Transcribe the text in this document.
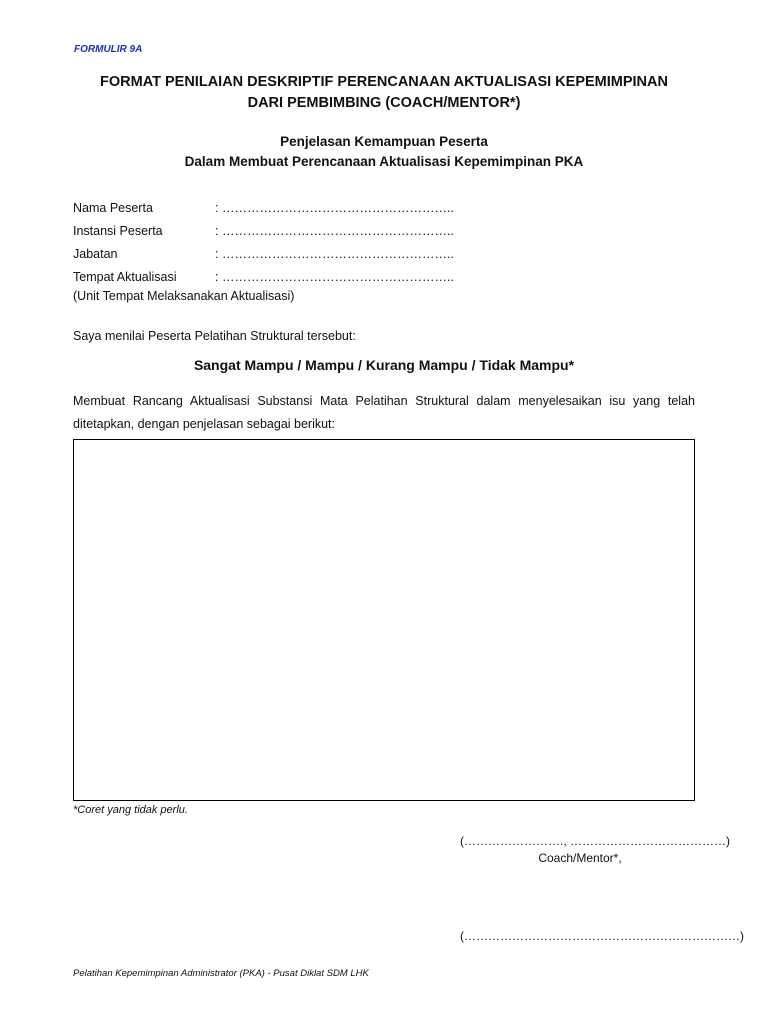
FORMULIR 9A
FORMAT PENILAIAN DESKRIPTIF PERENCANAAN AKTUALISASI KEPEMIMPINAN
DARI PEMBIMBING (COACH/MENTOR*)
Penjelasan Kemampuan Peserta
Dalam Membuat Perencanaan Aktualisasi Kepemimpinan PKA
Nama Peserta	: ………………………………………………..
Instansi Peserta	: ………………………………………………..
Jabatan	: ………………………………………………..
Tempat Aktualisasi	: ………………………………………………..
(Unit Tempat Melaksanakan Aktualisasi)
Saya menilai Peserta Pelatihan Struktural tersebut:
Sangat Mampu / Mampu / Kurang Mampu / Tidak Mampu*
Membuat Rancang Aktualisasi Substansi Mata Pelatihan Struktural dalam menyelesaikan isu yang telah ditetapkan, dengan penjelasan sebagai berikut:
*Coret yang tidak perlu.
(……………………., …………………………………)
Coach/Mentor*,
(……………………………………………………………)
Pelatihan Kepemimpinan Administrator (PKA) - Pusat Diklat SDM LHK
